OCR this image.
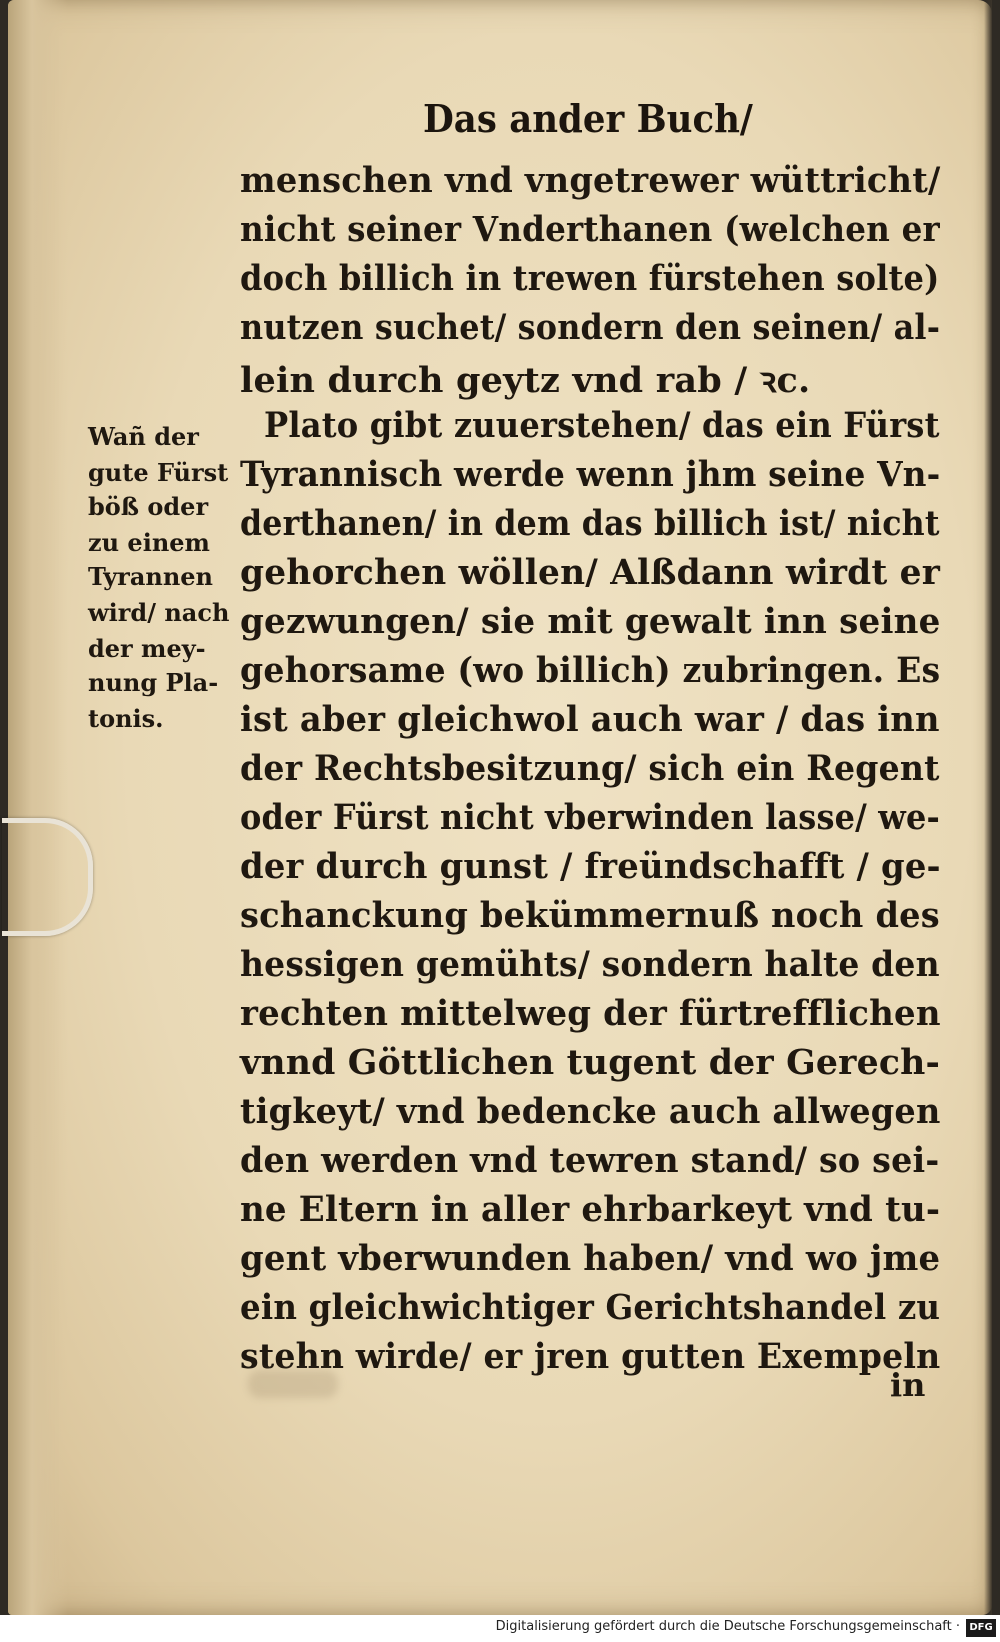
Das ander Buch/
Wañ der
gute Fürst
böß oder
zu einem
Tyrannen
wird/ nach
der mey-
nung Pla-
tonis.
menschen vnd vngetrewer wüttricht/
nicht seiner Vnderthanen (welchen er
doch billich in trewen fürstehen solte)
nutzen suchet/ sondern den seinen/ al-
lein durch geytz vnd rab / ꝛc.
Plato gibt zuuerstehen/ das ein Fürst
Tyrannisch werde wenn jhm seine Vn-
derthanen/ in dem das billich ist/ nicht
gehorchen wöllen/ Alßdann wirdt er
gezwungen/ sie mit gewalt inn seine
gehorsame (wo billich) zubringen. Es
ist aber gleichwol auch war / das inn
der Rechtsbesitzung/ sich ein Regent
oder Fürst nicht vberwinden lasse/ we-
der durch gunst / freündschafft / ge-
schanckung bekümmernuß noch des
hessigen gemühts/ sondern halte den
rechten mittelweg der fürtrefflichen
vnnd Göttlichen tugent der Gerech-
tigkeyt/ vnd bedencke auch allwegen
den werden vnd tewren stand/ so sei-
ne Eltern in aller ehrbarkeyt vnd tu-
gent vberwunden haben/ vnd wo jme
ein gleichwichtiger Gerichtshandel zu
stehn wirde/ er jren gutten Exempeln
in
Digitalisierung gefördert durch die Deutsche Forschungsgemeinschaft · DFG
